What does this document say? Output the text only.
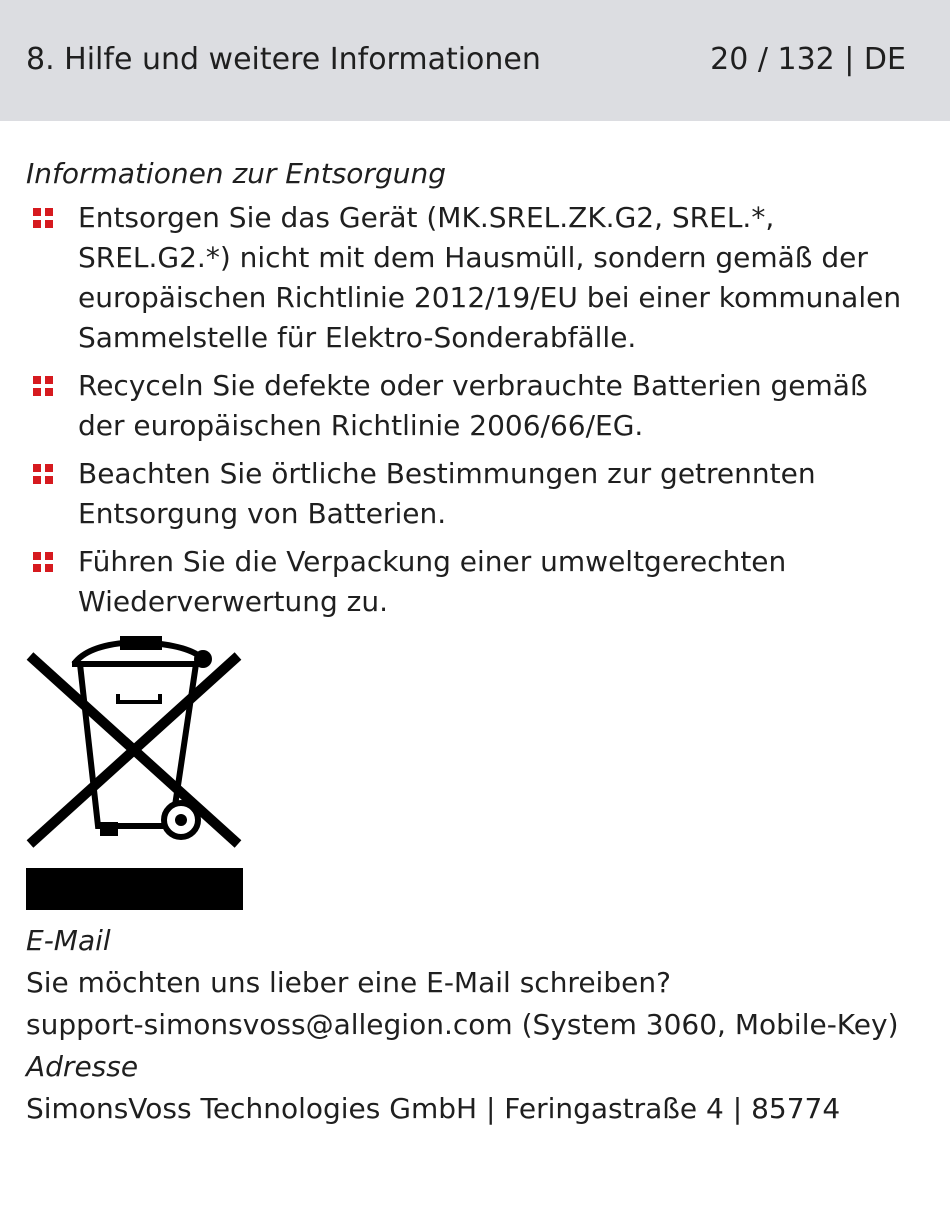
8. Hilfe und weitere Informationen	20 / 132 | DE
Informationen zur Entsorgung
Entsorgen Sie das Gerät (MK.SREL.ZK.G2, SREL.*, SREL.G2.*) nicht mit dem Hausmüll, sondern gemäß der europäischen Richtlinie 2012/19/EU bei einer kommunalen Sammelstelle für Elektro-Sonderabfälle.
Recyceln Sie defekte oder verbrauchte Batterien gemäß der europäischen Richtlinie 2006/66/EG.
Beachten Sie örtliche Bestimmungen zur getrennten Entsorgung von Batterien.
Führen Sie die Verpackung einer umweltgerechten Wiederverwertung zu.
E-Mail
Sie möchten uns lieber eine E-Mail schreiben?
support-simonsvoss@allegion.com (System 3060, Mobile-Key)
Adresse
SimonsVoss Technologies GmbH | Feringastraße 4 | 85774
